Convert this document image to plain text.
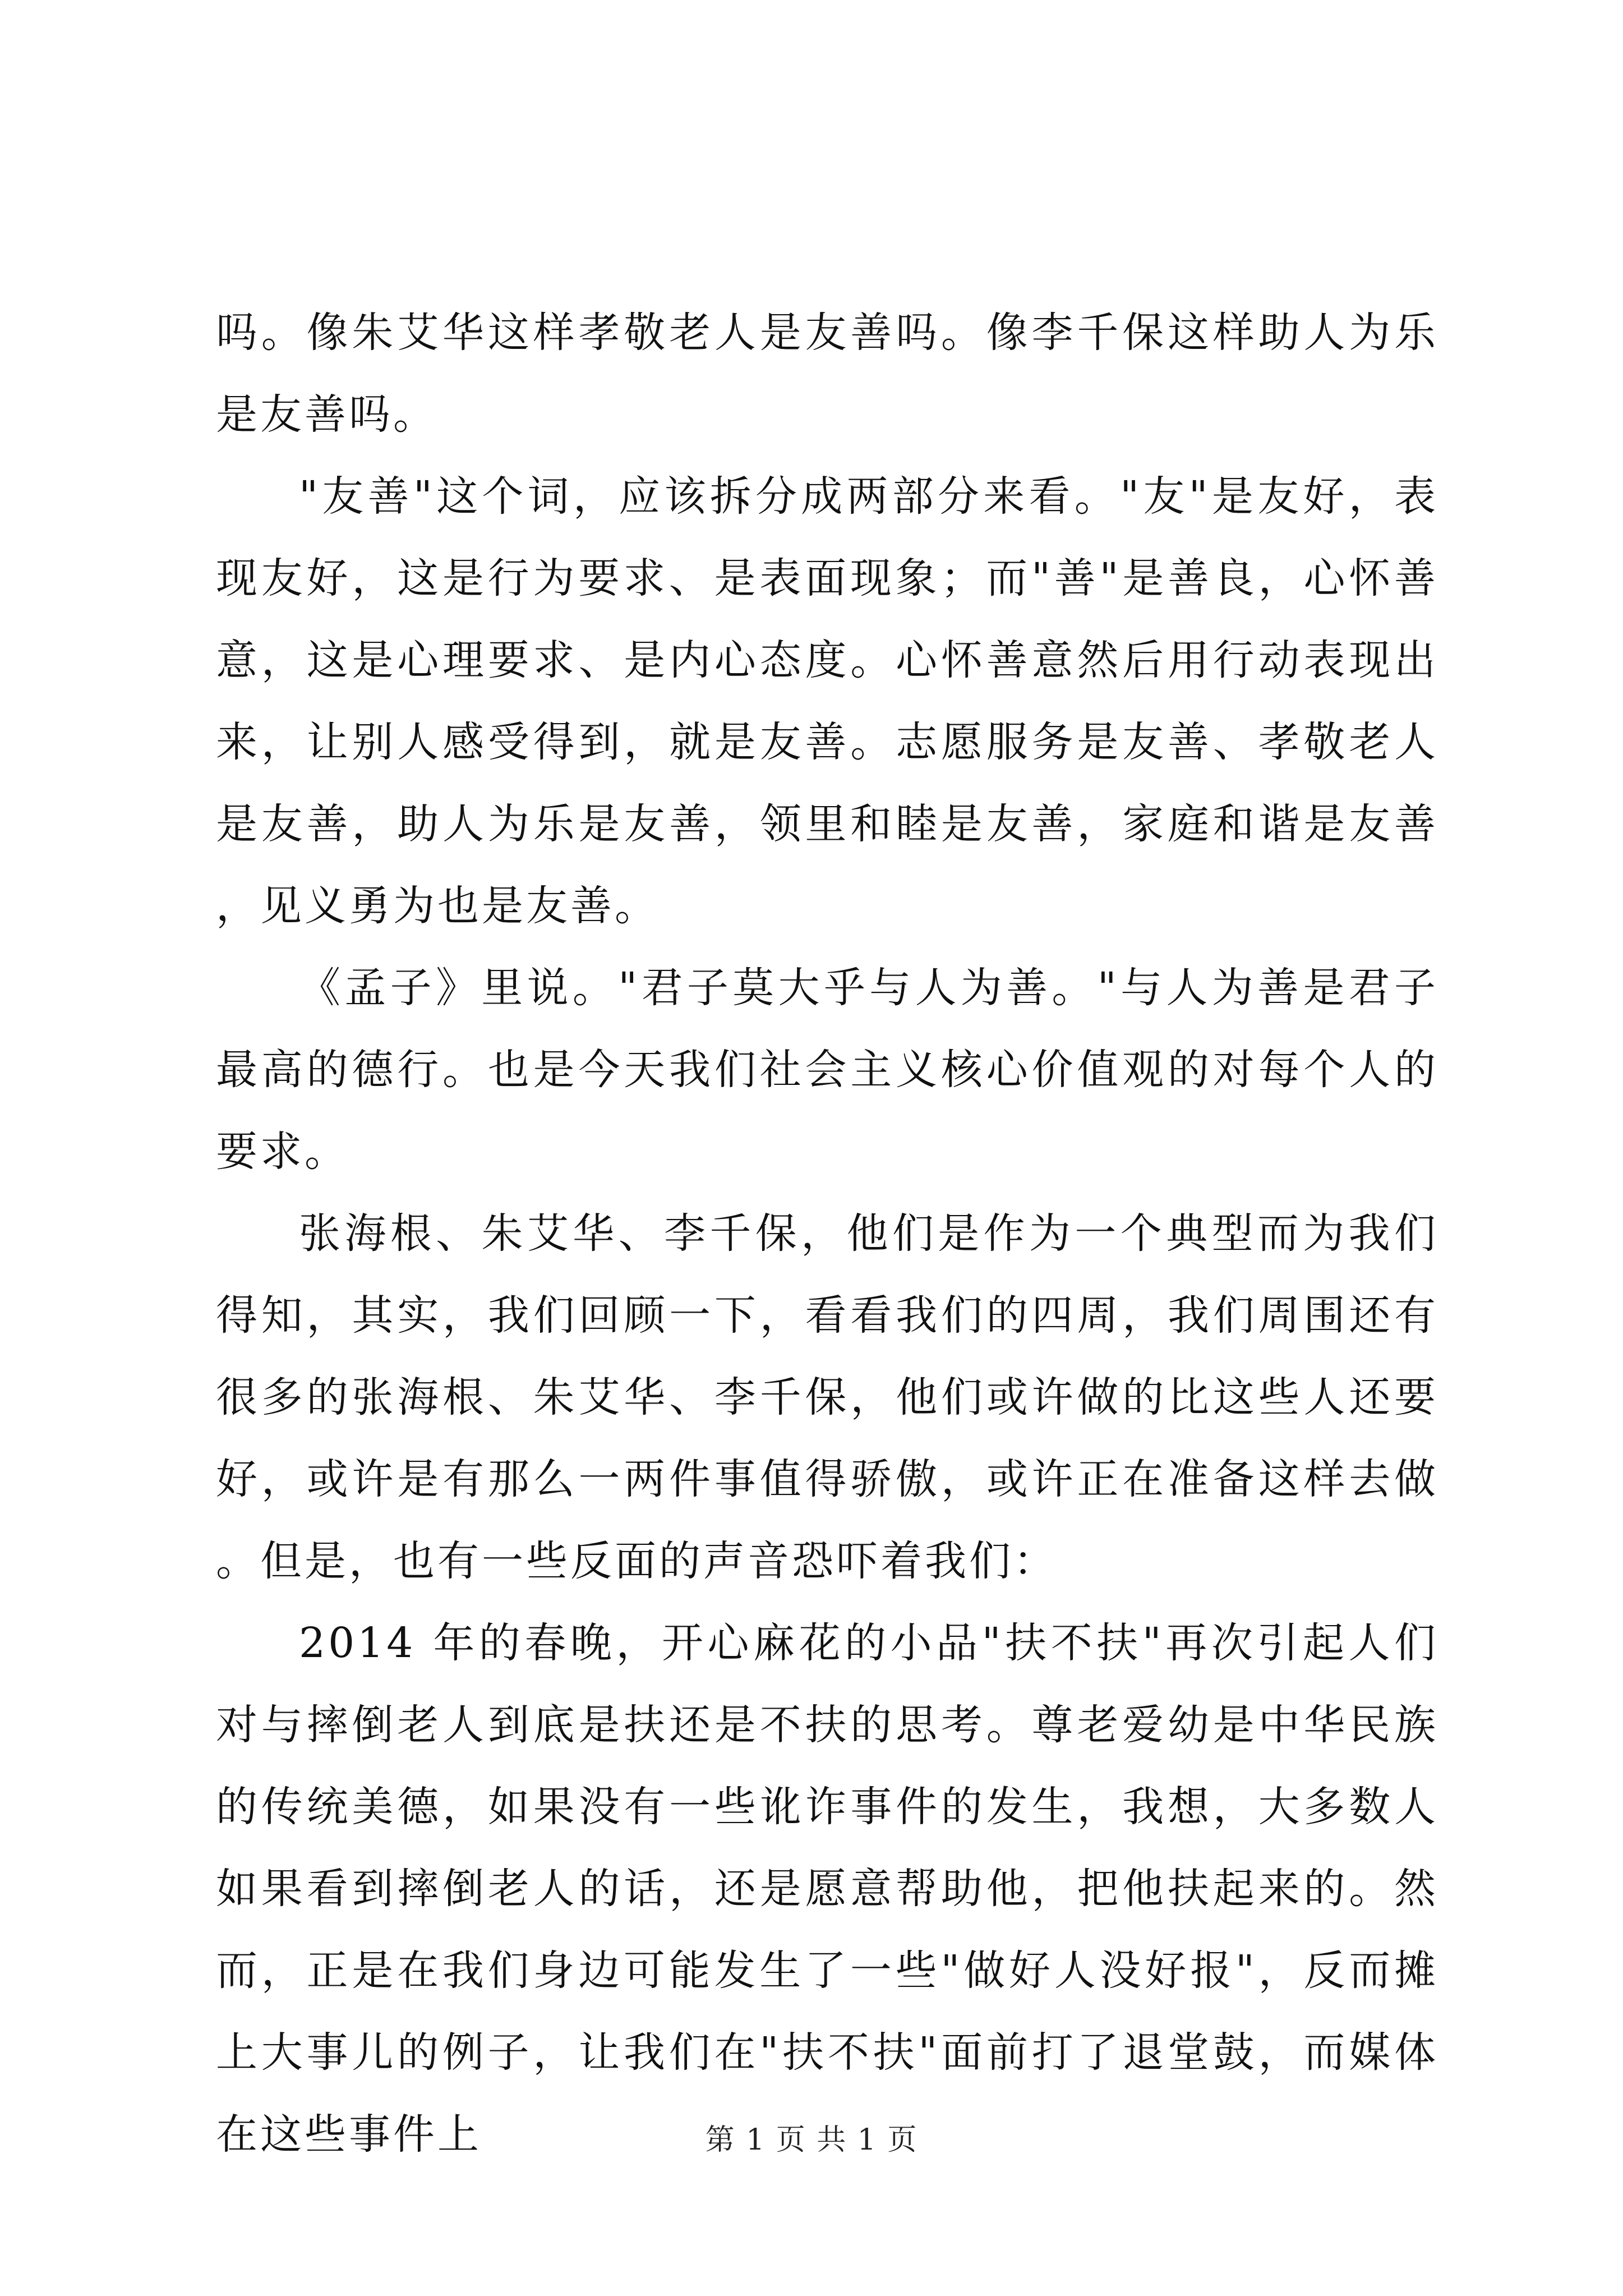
吗。像朱艾华这样孝敬老人是友善吗。像李千保这样助人为乐是友善吗。

"友善"这个词，应该拆分成两部分来看。"友"是友好，表现友好，这是行为要求、是表面现象；而"善"是善良，心怀善意，这是心理要求、是内心态度。心怀善意然后用行动表现出来，让别人感受得到，就是友善。志愿服务是友善、孝敬老人是友善，助人为乐是友善，领里和睦是友善，家庭和谐是友善，见义勇为也是友善。

《孟子》里说。"君子莫大乎与人为善。"与人为善是君子最高的德行。也是今天我们社会主义核心价值观的对每个人的要求。

张海根、朱艾华、李千保，他们是作为一个典型而为我们得知，其实，我们回顾一下，看看我们的四周，我们周围还有很多的张海根、朱艾华、李千保，他们或许做的比这些人还要好，或许是有那么一两件事值得骄傲，或许正在准备这样去做。但是，也有一些反面的声音恐吓着我们：

2014 年的春晚，开心麻花的小品"扶不扶"再次引起人们对与摔倒老人到底是扶还是不扶的思考。尊老爱幼是中华民族的传统美德，如果没有一些讹诈事件的发生，我想，大多数人如果看到摔倒老人的话，还是愿意帮助他，把他扶起来的。然而，正是在我们身边可能发生了一些"做好人没好报"，反而摊上大事儿的例子，让我们在"扶不扶"面前打了退堂鼓，而媒体在这些事件上	第 1 页 共 1 页
